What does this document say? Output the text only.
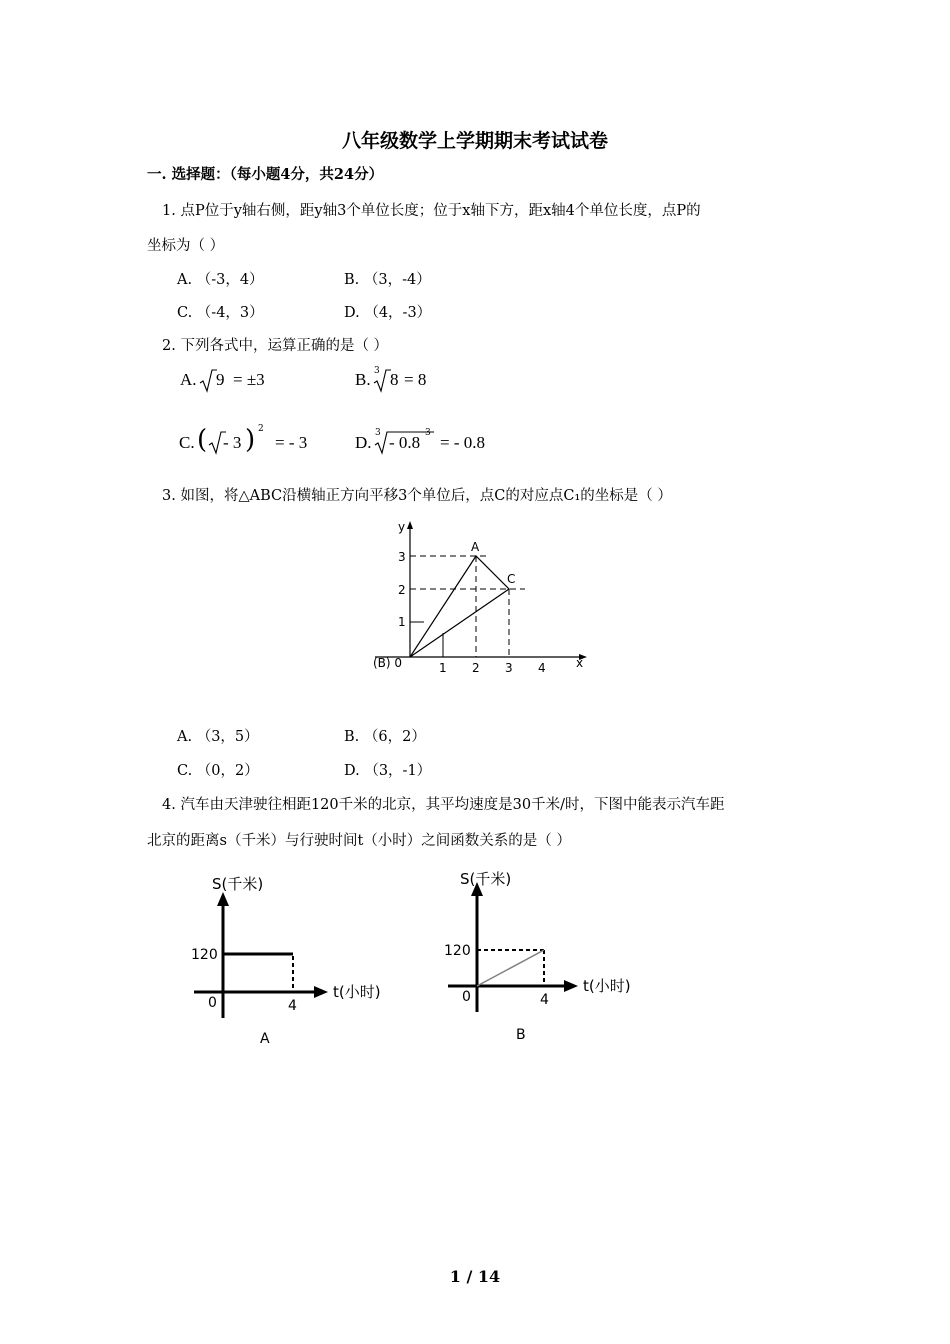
八年级数学上学期期末考试试卷
一. 选择题：（每小题4分，共24分）
1. 点P位于y轴右侧，距y轴3个单位长度；位于x轴下方，距x轴4个单位长度，点P的
坐标为（ ）
A. （-3，4）	B. （3，-4）
C. （-4，3）	D. （4，-3）
2. 下列各式中，运算正确的是（ ）
A. 9 = ±3	B. 3 8 = 8
C. ( - 3 ) 2
= - 3	D. 3 - 0.8 3 = - 0.8
3. 如图，将△ABC沿横轴正方向平移3个单位后，点C的对应点C₁的坐标是（ ）
y
x
3
2
1
1 2 3 4
(B) 0
A
C
A. （3，5）	B. （6，2）
C. （0，2）	D. （3，-1）
4. 汽车由天津驶往相距120千米的北京，其平均速度是30千米/时，下图中能表示汽车距
北京的距离s（千米）与行驶时间t（小时）之间函数关系的是（ ）
S(千米)
120
0	4
t(小时)
A
S(千米)
120
0	4
t(小时)
B
1 / 14
